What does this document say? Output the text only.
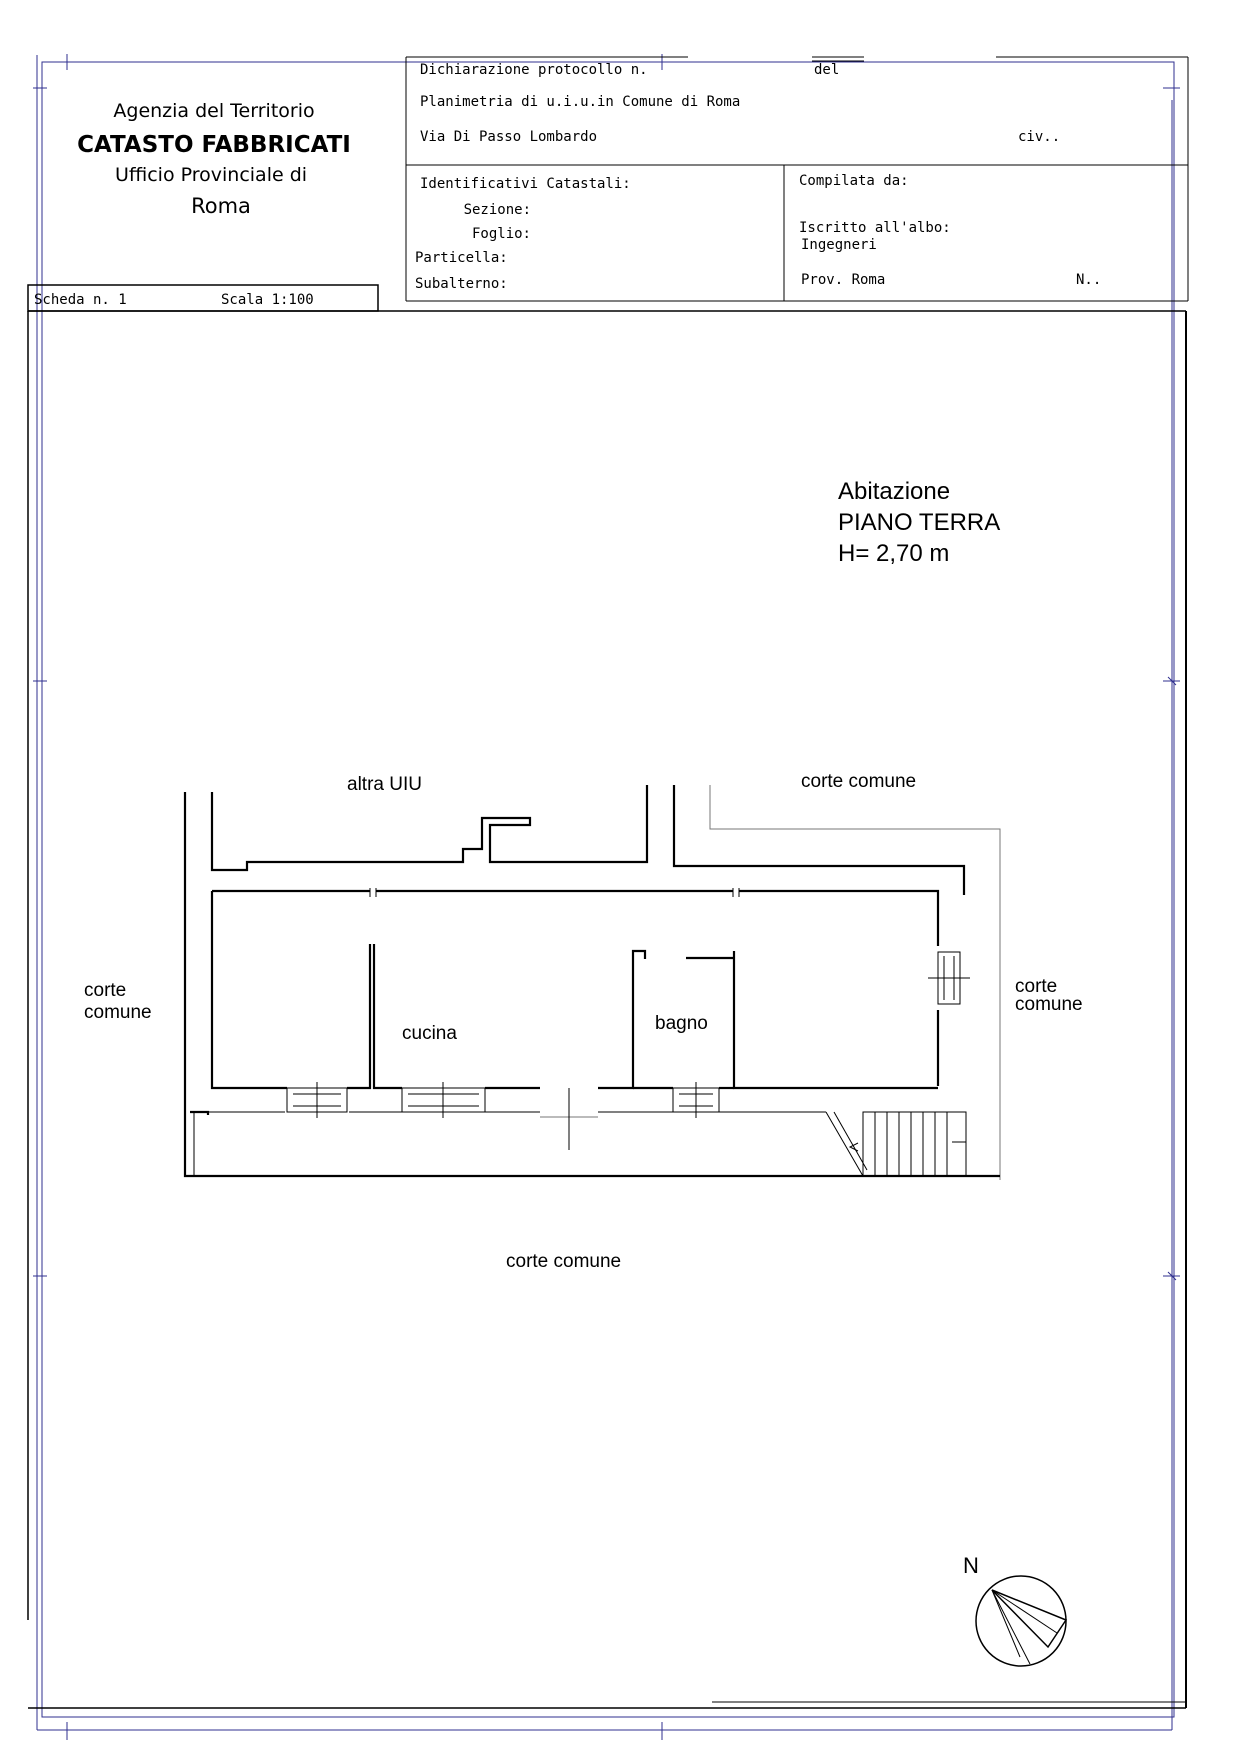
Agenzia del Territorio
CATASTO FABBRICATI
Ufficio Provinciale di
Roma
Dichiarazione protocollo n.	del
Planimetria di u.i.u.in Comune di Roma
Via Di Passo Lombardo	civ..
Identificativi Catastali:
Sezione:
Foglio:
Particella:
Subalterno:
Compilata da:
Iscritto all'albo:
Ingegneri
Prov. Roma	N..
Scheda n. 1	Scala 1:100
Abitazione
PIANO TERRA
H= 2,70 m
altra UIU	corte comune
corte
comune
corte
comune
corte comune
cucina	bagno
N
